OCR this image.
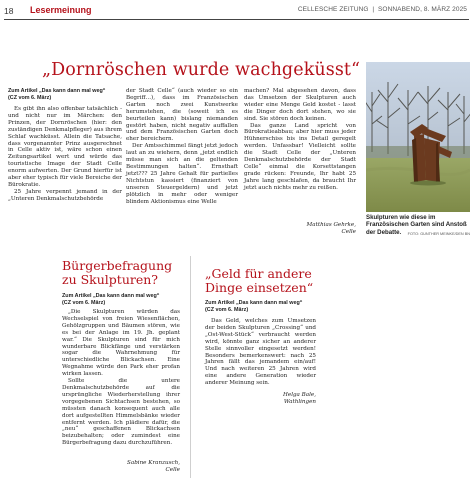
18 Lesermeinung	CELLESCHE ZEITUNG  |  SONNABEND, 8. MÄRZ 2025
„Dornröschen wurde wachgeküsst“
Zum Artikel „Das kann dann mal weg“
(CZ vom 6. März)

Es gibt ihn also offenbar tatsächlich - und nicht nur im Märchen: den Prinzen, der Dornröschen (hier: den zuständigen Denkmalpfleger) aus ihrem Schlaf wachküsst. Allein die Tatsache, dass vorgenannter Prinz ausgerechnet in Celle aktiv ist, wäre schon einen Zeitungsartikel wert und würde das touristische Image der Stadt Celle enorm aufwerten. Der Grund hierfür ist aber eher typisch für viele Bereiche der Bürokratie.

25 Jahre verpennt jemand in der „Unteren Denkmalschutzbehörde

der Stadt Celle“ (auch wieder so ein Begriff…), dass im Französischen Garten noch zwei Kunstwerke herumstehen, die (soweit ich es beurteilen kann) bislang niemanden gestört haben, nicht negativ auffallen und dem Französischen Garten doch eher bereichern.

Der Amtsschimmel fängt jetzt jedoch laut an zu wiehern, denn „jetzt endlich müsse man sich an die geltenden Bestimmungen halten“. Ernsthaft jetzt??? 25 Jahre Gehalt für partielles Nichtstun kassiert (finanziert von unseren Steuergeldern) und jetzt plötzlich in mehr oder weniger blindem Aktionismus eine Welle

machen? Mal abgesehen davon, dass das Umsetzen der Skulpturen auch wieder eine Menge Geld kostet - lasst die Dinger doch dort stehen, wo sie sind. Sie stören doch keinen.

Das ganze Land spricht von Bürokratieabbau; aber hier muss jeder Hühnerschiss bis ins Detail geregelt werden. Unfassbar! Vielleicht sollte die Stadt Celle der „Unteren Denkmalschutzbehörde der Stadt Celle“ einmal die Korsettstangen grade rücken: Freunde, Ihr habt 25 Jahre lang geschlafen, da braucht Ihr jetzt auch nichts mehr zu reißen.

Matthias Gehrke,
Celle
Skulpturen wie diese im Französischen Garten sind Anstoß der Debatte.	FOTO: GUNTHER MEINKE/DEN BN
Bürgerbefragung
zu Skulpturen?
Zum Artikel „Das kann dann mal weg“
(CZ vom 6. März)

„Die Skulpturen würden das Wechselspiel von freien Wiesenflächen, Gehölzgruppen und Bäumen stören, wie es bei der Anlage im 19. Jh. geplant war.“ Die Skulpturen sind für mich wunderbare Blickfänge und verstärken sogar die Wahrnehmung für unterschiedliche Blickachsen. Eine Wegnahme würde den Park eher profan wirken lassen.

Sollte die untere Denkmalschutzbehörde auf die ursprüngliche Wiederherstellung ihrer vorgegebenen Sichtachsen bestehen, so müssten danach konsequent auch alle dort aufgestellten Himmelsbänke wieder entfernt werden. Ich plädiere dafür, die „neu“ geschaffenen Blickachsen beizubehalten; oder zumindest eine Bürgerbefragung dazu durchzuführen.

Sabine Kranzusch,
Celle
„Geld für andere
Dinge einsetzen“
Zum Artikel „Das kann dann mal weg“
(CZ vom 6. März)

Das Geld, welches zum Umsetzen der beiden Skulpturen „Crossing“ und „Ost-West-Stück“ verbraucht werden wird, könnte ganz sicher an anderer Stelle sinnvoller eingesetzt werden! Besonders bemerkenswert: nach 25 Jahren fällt das jemandem ein/auf! Und nach weiteren 25 Jahren wird eine andere Generation wieder anderer Meinung sein.

Helga Bale,
Wathlingen
